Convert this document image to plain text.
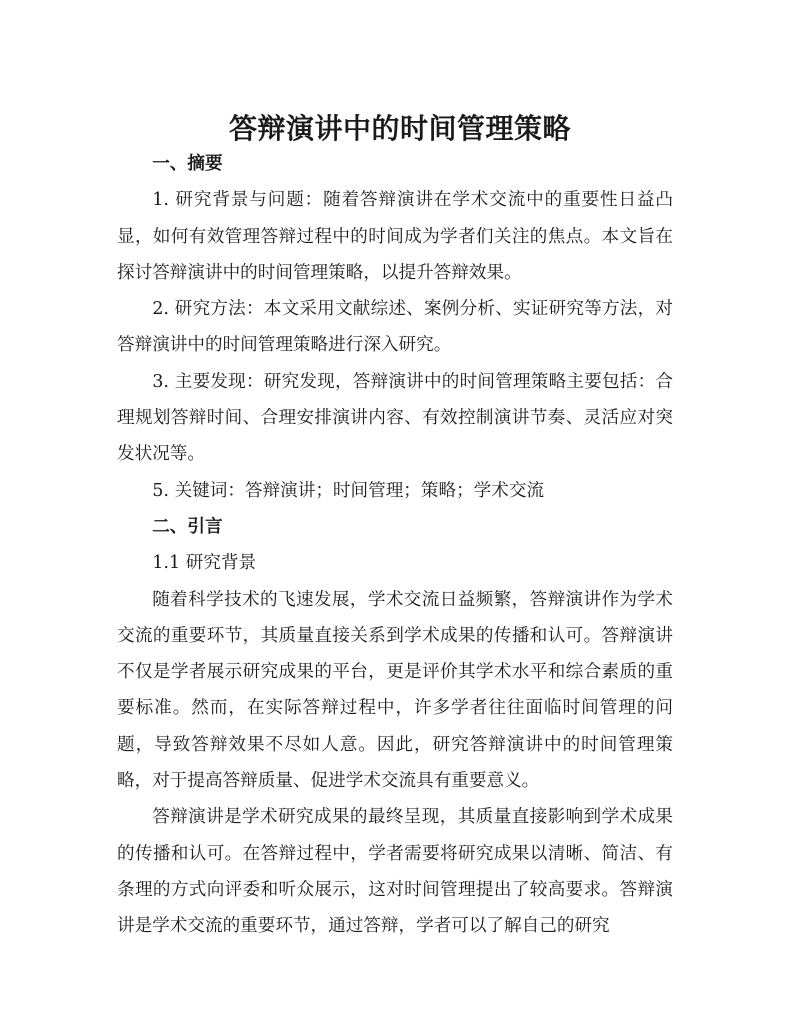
答辩演讲中的时间管理策略
一、摘要

1. 研究背景与问题：随着答辩演讲在学术交流中的重要性日益凸显，如何有效管理答辩过程中的时间成为学者们关注的焦点。本文旨在探讨答辩演讲中的时间管理策略，以提升答辩效果。

2. 研究方法：本文采用文献综述、案例分析、实证研究等方法，对答辩演讲中的时间管理策略进行深入研究。

3. 主要发现：研究发现，答辩演讲中的时间管理策略主要包括：合理规划答辩时间、合理安排演讲内容、有效控制演讲节奏、灵活应对突发状况等。

5. 关键词：答辩演讲；时间管理；策略；学术交流

二、引言
1.1 研究背景

随着科学技术的飞速发展，学术交流日益频繁，答辩演讲作为学术交流的重要环节，其质量直接关系到学术成果的传播和认可。答辩演讲不仅是学者展示研究成果的平台，更是评价其学术水平和综合素质的重要标准。然而，在实际答辩过程中，许多学者往往面临时间管理的问题，导致答辩效果不尽如人意。因此，研究答辩演讲中的时间管理策略，对于提高答辩质量、促进学术交流具有重要意义。

答辩演讲是学术研究成果的最终呈现，其质量直接影响到学术成果的传播和认可。在答辩过程中，学者需要将研究成果以清晰、简洁、有条理的方式向评委和听众展示，这对时间管理提出了较高要求。答辩演讲是学术交流的重要环节，通过答辩，学者可以了解自己的研究
